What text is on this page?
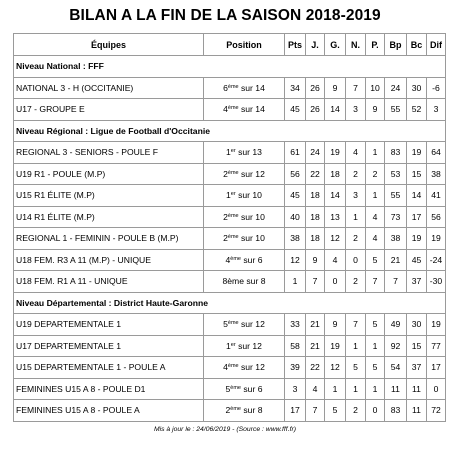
BILAN A LA FIN DE LA SAISON 2018-2019
Équipes	Position	Pts	J.	G.	N.	P.	Bp	Bc	Dif
Niveau National : FFF									
NATIONAL 3 - H (OCCITANIE)	6ème sur 14	34	26	9	7	10	24	30	-6
U17 - GROUPE E	4ème sur 14	45	26	14	3	9	55	52	3
Niveau Régional : Ligue de Football d'Occitanie									
REGIONAL 3 - SENIORS - POULE F	1er sur 13	61	24	19	4	1	83	19	64
U19 R1 - POULE (M.P)	2ème sur 12	56	22	18	2	2	53	15	38
U15 R1 ÉLITE (M.P)	1er sur 10	45	18	14	3	1	55	14	41
U14 R1 ÉLITE (M.P)	2ème sur 10	40	18	13	1	4	73	17	56
REGIONAL 1 - FEMININ - POULE B (M.P)	2ème sur 10	38	18	12	2	4	38	19	19
U18 FEM. R3 A 11 (M.P) - UNIQUE	4ème sur 6	12	9	4	0	5	21	45	-24
U18 FEM. R1 A 11 - UNIQUE	8ème sur 8	1	7	0	2	7	7	37	-30
Niveau Départemental : District Haute-Garonne									
U19 DEPARTEMENTALE 1	5ème sur 12	33	21	9	7	5	49	30	19
U17 DEPARTEMENTALE 1	1er sur 12	58	21	19	1	1	92	15	77
U15 DEPARTEMENTALE 1 - POULE A	4ème sur 12	39	22	12	5	5	54	37	17
FEMININES U15 A 8 - POULE D1	5ème sur 6	3	4	1	1	1	11	11	0
FEMININES U15 A 8 - POULE A	2ème sur 8	17	7	5	2	0	83	11	72
Mis à jour le : 24/06/2019 - (Source : www.fff.fr)
